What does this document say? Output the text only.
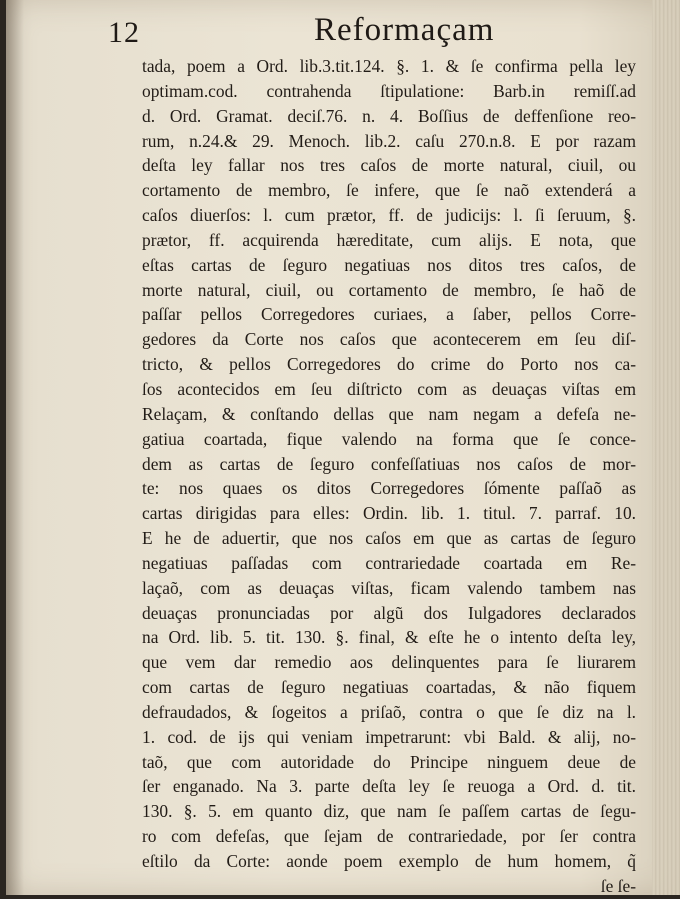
12	Reformaçam
tada, poem a Ord. lib.3.tit.124. §. 1. & ſe confirma pella ley
optimam.cod. contrahenda ſtipulatione: Barb.in remiſſ.ad
d. Ord. Gramat. deciſ.76. n. 4. Boſſius de deffenſione reo-
rum, n.24.& 29. Menoch. lib.2. caſu 270.n.8. E por razam
deſta ley fallar nos tres caſos de morte natural, ciuil, ou
cortamento de membro, ſe infere, que ſe naõ extenderá a
caſos diuerſos: l. cum prætor, ff. de judicijs: l. ſi ſeruum, §.
prætor, ff. acquirenda hæreditate, cum alijs. E nota, que
eſtas cartas de ſeguro negatiuas nos ditos tres caſos, de
morte natural, ciuil, ou cortamento de membro, ſe haõ de
paſſar pellos Corregedores curiaes, a ſaber, pellos Corre-
gedores da Corte nos caſos que acontecerem em ſeu diſ-
tricto, & pellos Corregedores do crime do Porto nos ca-
ſos acontecidos em ſeu diſtricto com as deuaças viſtas em
Relaçam, & conſtando dellas que nam negam a defeſa ne-
gatiua coartada, fique valendo na forma que ſe conce-
dem as cartas de ſeguro confeſſatiuas nos caſos de mor-
te: nos quaes os ditos Corregedores ſómente paſſaõ as
cartas dirigidas para elles: Ordin. lib. 1. titul. 7. parraf. 10.
E he de aduertir, que nos caſos em que as cartas de ſeguro
negatiuas paſſadas com contrariedade coartada em Re-
laçaõ, com as deuaças viſtas, ficam valendo tambem nas
deuaças pronunciadas por algũ dos Iulgadores declarados
na Ord. lib. 5. tit. 130. §. final, & eſte he o intento deſta ley,
que vem dar remedio aos delinquentes para ſe liurarem
com cartas de ſeguro negatiuas coartadas, & não fiquem
defraudados, & ſogeitos a priſaõ, contra o que ſe diz na l.
1. cod. de ijs qui veniam impetrarunt: vbi Bald. & alij, no-
taõ, que com autoridade do Principe ninguem deue de
ſer enganado. Na 3. parte deſta ley ſe reuoga a Ord. d. tit.
130. §. 5. em quanto diz, que nam ſe paſſem cartas de ſegu-
ro com defeſas, que ſejam de contrariedade, por ſer contra
eſtilo da Corte: aonde poem exemplo de hum homem, q̃
ſe ſe-
